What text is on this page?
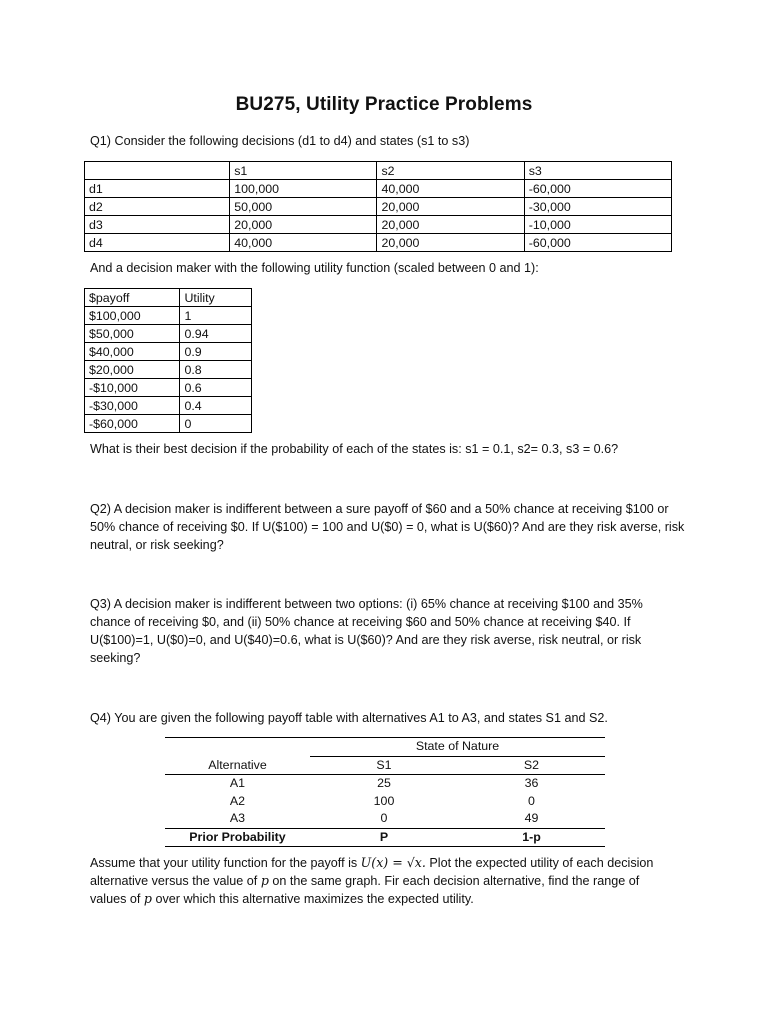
BU275, Utility Practice Problems
Q1) Consider the following decisions (d1 to d4) and states (s1 to s3)
	s1	s2	s3
d1	100,000	40,000	-60,000
d2	50,000	20,000	-30,000
d3	20,000	20,000	-10,000
d4	40,000	20,000	-60,000
And a decision maker with the following utility function (scaled between 0 and 1):
$payoff	Utility
$100,000	1
$50,000	0.94
$40,000	0.9
$20,000	0.8
-$10,000	0.6
-$30,000	0.4
-$60,000	0
What is their best decision if the probability of each of the states is: s1 = 0.1, s2= 0.3, s3 = 0.6?
Q2) A decision maker is indifferent between a sure payoff of $60 and a 50% chance at receiving $100 or
50% chance of receiving $0. If U($100) = 100 and U($0) = 0, what is U($60)? And are they risk averse, risk
neutral, or risk seeking?
Q3) A decision maker is indifferent between two options: (i) 65% chance at receiving $100 and 35%
chance of receiving $0, and (ii) 50% chance at receiving $60 and 50% chance at receiving $40. If
U($100)=1, U($0)=0, and U($40)=0.6, what is U($60)? And are they risk averse, risk neutral, or risk
seeking?
Q4) You are given the following payoff table with alternatives A1 to A3, and states S1 and S2.
	State of Nature	
Alternative	S1	S2
A1	25	36
A2	100	0
A3	0	49
Prior Probability	P	1-p
Assume that your utility function for the payoff is U(x) = √x. Plot the expected utility of each decision
alternative versus the value of p on the same graph. Fir each decision alternative, find the range of
values of p over which this alternative maximizes the expected utility.
